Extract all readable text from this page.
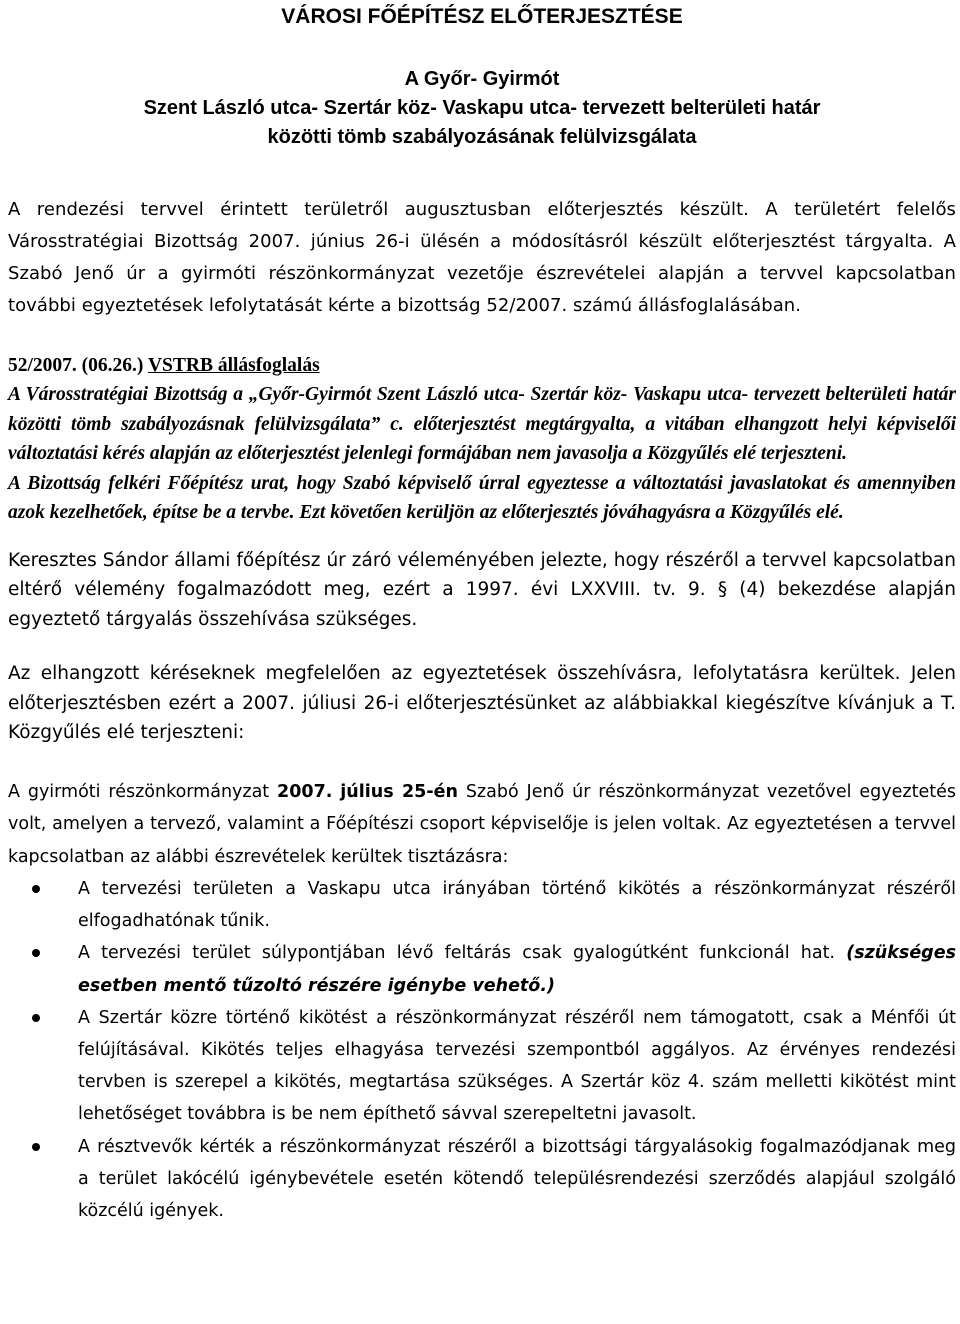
VÁROSI FŐÉPÍTÉSZ ELŐTERJESZTÉSE
A Győr- Gyirmót
Szent László utca- Szertár köz- Vaskapu utca- tervezett belterületi határ
közötti tömb szabályozásának felülvizsgálata

A rendezési tervvel érintett területről augusztusban előterjesztés készült. A területért felelős Városstratégiai Bizottság 2007. június 26-i ülésén a módosításról készült előterjesztést tárgyalta. A Szabó Jenő úr a gyirmóti részönkormányzat vezetője észrevételei alapján a tervvel kapcsolatban további egyeztetések lefolytatását kérte a bizottság 52/2007. számú állásfoglalásában.

52/2007. (06.26.) VSTRB állásfoglalás

A Városstratégiai Bizottság a „Győr-Gyirmót Szent László utca- Szertár köz- Vaskapu utca- tervezett belterületi határ közötti tömb szabályozásnak felülvizsgálata” c. előterjesztést megtárgyalta, a vitában elhangzott helyi képviselői változtatási kérés alapján az előterjesztést jelenlegi formájában nem javasolja a Közgyűlés elé terjeszteni.

A Bizottság felkéri Főépítész urat, hogy Szabó képviselő úrral egyeztesse a változtatási javaslatokat és amennyiben azok kezelhetőek, építse be a tervbe. Ezt követően kerüljön az előterjesztés jóváhagyásra a Közgyűlés elé.

Keresztes Sándor állami főépítész úr záró véleményében jelezte, hogy részéről a tervvel kapcsolatban eltérő vélemény fogalmazódott meg, ezért a 1997. évi LXXVIII. tv. 9. § (4) bekezdése alapján egyeztető tárgyalás összehívása szükséges.

Az elhangzott kéréseknek megfelelően az egyeztetések összehívásra, lefolytatásra kerültek. Jelen előterjesztésben ezért a 2007. júliusi 26-i előterjesztésünket az alábbiakkal kiegészítve kívánjuk a T. Közgyűlés elé terjeszteni:

A gyirmóti részönkormányzat 2007. július 25-én Szabó Jenő úr részönkormányzat vezetővel egyeztetés volt, amelyen a tervező, valamint a Főépítészi csoport képviselője is jelen voltak. Az egyeztetésen a tervvel kapcsolatban az alábbi észrevételek kerültek tisztázásra:

A tervezési területen a Vaskapu utca irányában történő kikötés a részönkormányzat részéről elfogadhatónak tűnik.
A tervezési terület súlypontjában lévő feltárás csak gyalogútként funkcionál hat. (szükséges esetben mentő tűzoltó részére igénybe vehető.)
A Szertár közre történő kikötést a részönkormányzat részéről nem támogatott, csak a Ménfői út felújításával. Kikötés teljes elhagyása tervezési szempontból aggályos. Az érvényes rendezési tervben is szerepel a kikötés, megtartása szükséges. A Szertár köz 4. szám melletti kikötést mint lehetőséget továbbra is be nem építhető sávval szerepeltetni javasolt.
A résztvevők kérték a részönkormányzat részéről a bizottsági tárgyalásokig fogalmazódjanak meg a terület lakócélú igénybevétele esetén kötendő településrendezési szerződés alapjául szolgáló közcélú igények.
